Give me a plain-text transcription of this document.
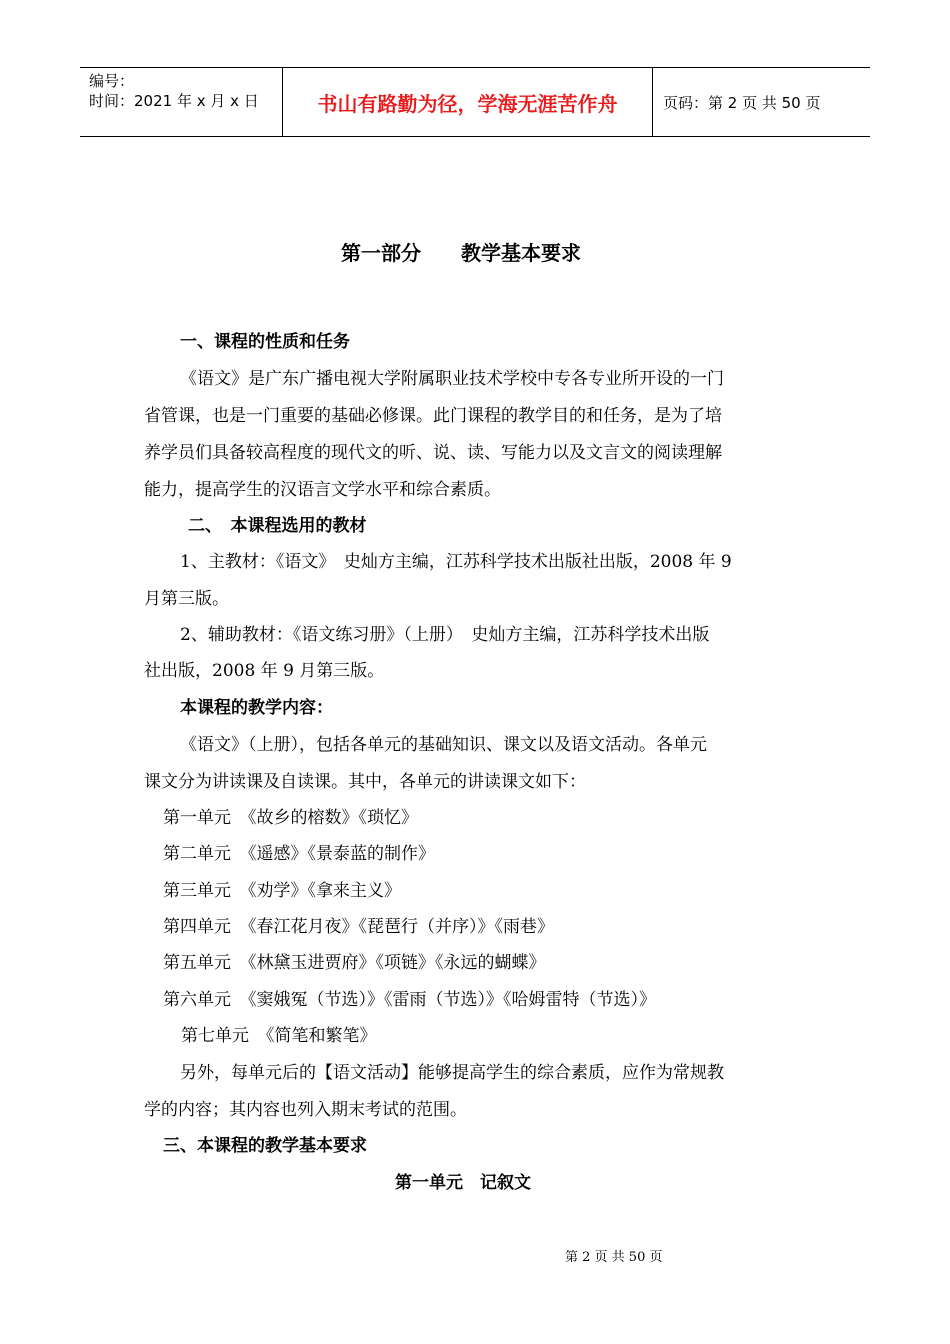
编号：
时间：2021 年 x 月 x 日	书山有路勤为径，学海无涯苦作舟	页码：第 2 页 共 50 页
第一部分　　教学基本要求
一、课程的性质和任务
《语文》是广东广播电视大学附属职业技术学校中专各专业所开设的一门
省管课，也是一门重要的基础必修课。此门课程的教学目的和任务，是为了培
养学员们具备较高程度的现代文的听、说、读、写能力以及文言文的阅读理解
能力，提高学生的汉语言文学水平和综合素质。
二、　本课程选用的教材
1、主教材：《语文》　史灿方主编，江苏科学技术出版社出版，2008 年 9
月第三版。
2、辅助教材：《语文练习册》（上册）　史灿方主编，江苏科学技术出版
社出版，2008 年 9 月第三版。
本课程的教学内容：
《语文》（上册），包括各单元的基础知识、课文以及语文活动。各单元
课文分为讲读课及自读课。其中，各单元的讲读课文如下：
第一单元　《故乡的榕数》《琐忆》
第二单元　《遥感》《景泰蓝的制作》
第三单元　《劝学》《拿来主义》
第四单元　《春江花月夜》《琵琶行（并序）》《雨巷》
第五单元　《林黛玉进贾府》《项链》《永远的蝴蝶》
第六单元　《窦娥冤（节选）》《雷雨（节选）》《哈姆雷特（节选）》
第七单元　《简笔和繁笔》
另外，每单元后的【语文活动】能够提高学生的综合素质，应作为常规教
学的内容；其内容也列入期末考试的范围。
三、本课程的教学基本要求
第一单元　记叙文
第 2 页 共 50 页
